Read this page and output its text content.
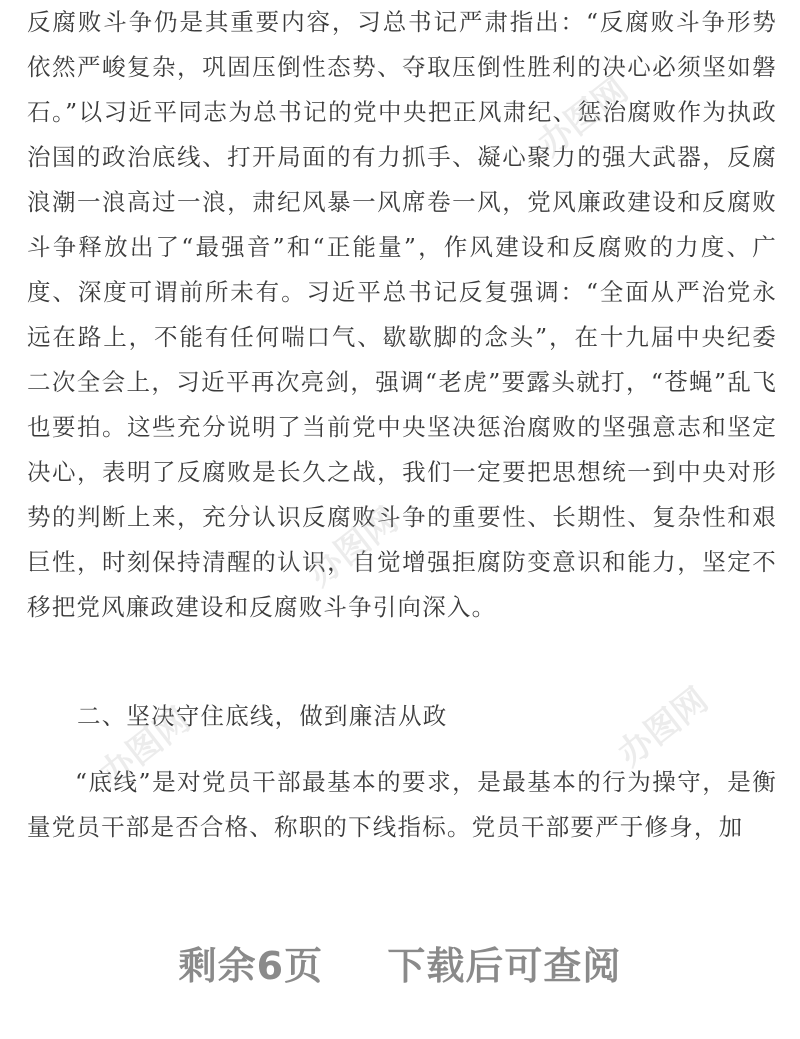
反腐败斗争仍是其重要内容，习总书记严肃指出：“反腐败斗争形势依然严峻复杂，巩固压倒性态势、夺取压倒性胜利的决心必须坚如磐石。”以习近平同志为总书记的党中央把正风肃纪、惩治腐败作为执政治国的政治底线、打开局面的有力抓手、凝心聚力的强大武器，反腐浪潮一浪高过一浪，肃纪风暴一风席卷一风，党风廉政建设和反腐败斗争释放出了“最强音”和“正能量”，作风建设和反腐败的力度、广度、深度可谓前所未有。习近平总书记反复强调：“全面从严治党永远在路上，不能有任何喘口气、歇歇脚的念头”，在十九届中央纪委二次全会上，习近平再次亮剑，强调“老虎”要露头就打，“苍蝇”乱飞也要拍。这些充分说明了当前党中央坚决惩治腐败的坚强意志和坚定决心，表明了反腐败是长久之战，我们一定要把思想统一到中央对形势的判断上来，充分认识反腐败斗争的重要性、长期性、复杂性和艰巨性，时刻保持清醒的认识，自觉增强拒腐防变意识和能力，坚定不移把党风廉政建设和反腐败斗争引向深入。

二、坚决守住底线，做到廉洁从政

“底线”是对党员干部最基本的要求，是最基本的行为操守，是衡量党员干部是否合格、称职的下线指标。党员干部要严于修身，加

办图网
办图网
办图网
办图网
剩余6页 下载后可查阅
